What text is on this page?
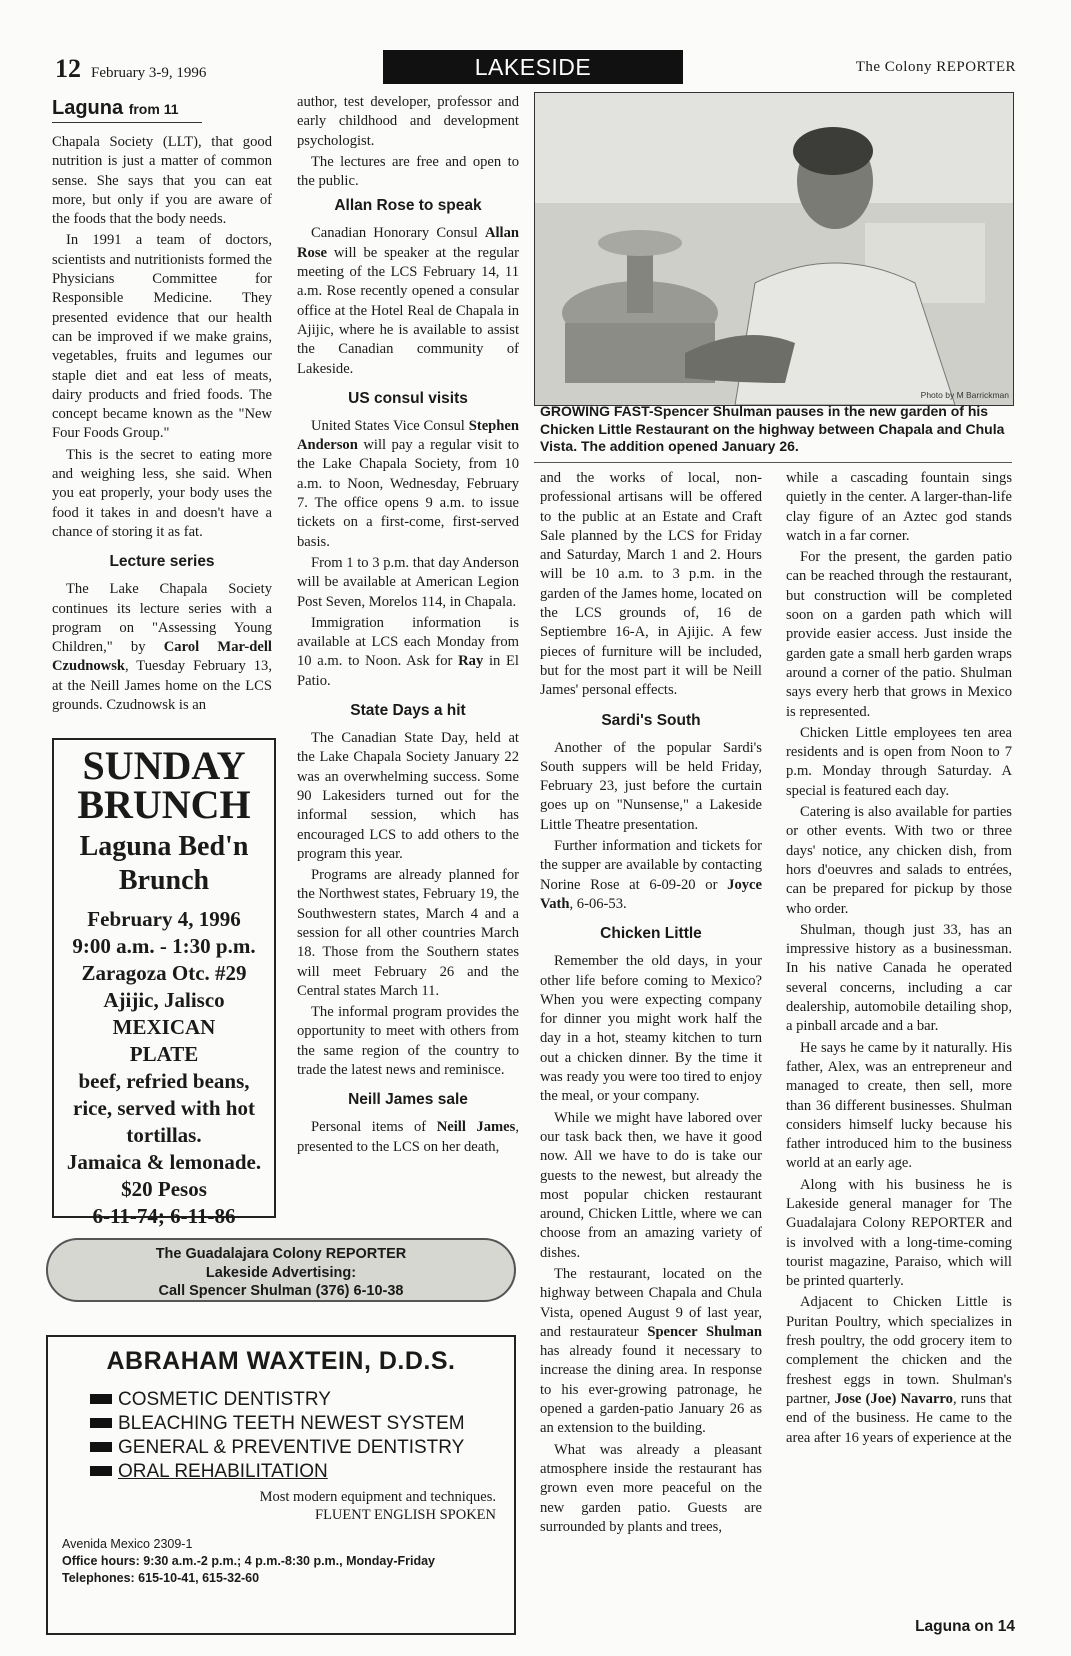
12 February 3-9, 1996	LAKESIDE	The Colony REPORTER
Laguna from 11

Chapala Society (LLT), that good nutrition is just a matter of common sense. She says that you can eat more, but only if you are aware of the foods that the body needs.

In 1991 a team of doctors, scientists and nutritionists formed the Physicians Committee for Responsible Medicine. They presented evidence that our health can be improved if we make grains, vegetables, fruits and legumes our staple diet and eat less of meats, dairy products and fried foods. The concept became known as the "New Four Foods Group."

This is the secret to eating more and weighing less, she said. When you eat properly, your body uses the food it takes in and doesn't have a chance of storing it as fat.

Lecture series

The Lake Chapala Society continues its lecture series with a program on "Assessing Young Children," by Carol Mar-dell Czudnowsk, Tuesday February 13, at the Neill James home on the LCS grounds. Czudnowsk is an

SUNDAY
BRUNCH
Laguna Bed'n
Brunch
February 4, 1996
9:00 a.m. - 1:30 p.m.
Zaragoza Otc. #29
Ajijic, Jalisco
MEXICAN
PLATE
beef, refried beans,
rice, served with hot
tortillas.
Jamaica & lemonade.
$20 Pesos
6-11-74; 6-11-86

author, test developer, professor and early childhood and development psychologist.

The lectures are free and open to the public.

Allan Rose to speak

Canadian Honorary Consul Allan Rose will be speaker at the regular meeting of the LCS February 14, 11 a.m. Rose recently opened a consular office at the Hotel Real de Chapala in Ajijic, where he is available to assist the Canadian community of Lakeside.

US consul visits

United States Vice Consul Stephen Anderson will pay a regular visit to the Lake Chapala Society, from 10 a.m. to Noon, Wednesday, February 7. The office opens 9 a.m. to issue tickets on a first-come, first-served basis.

From 1 to 3 p.m. that day Anderson will be available at American Legion Post Seven, Morelos 114, in Chapala.

Immigration information is available at LCS each Monday from 10 a.m. to Noon. Ask for Ray in El Patio.

State Days a hit

The Canadian State Day, held at the Lake Chapala Society January 22 was an overwhelming success. Some 90 Lakesiders turned out for the informal session, which has encouraged LCS to add others to the program this year.

Programs are already planned for the Northwest states, February 19, the Southwestern states, March 4 and a session for all other countries March 18. Those from the Southern states will meet February 26 and the Central states March 11.

The informal program provides the opportunity to meet with others from the same region of the country to trade the latest news and reminisce.

Neill James sale

Personal items of Neill James, presented to the LCS on her death,

Photo by M Barrickman
GROWING FAST-Spencer Shulman pauses in the new garden of his Chicken Little Restaurant on the highway between Chapala and Chula Vista. The addition opened January 26.

and the works of local, non-professional artisans will be offered to the public at an Estate and Craft Sale planned by the LCS for Friday and Saturday, March 1 and 2. Hours will be 10 a.m. to 3 p.m. in the garden of the James home, located on the LCS grounds of, 16 de Septiembre 16-A, in Ajijic. A few pieces of furniture will be included, but for the most part it will be Neill James' personal effects.

Sardi's South

Another of the popular Sardi's South suppers will be held Friday, February 23, just before the curtain goes up on "Nunsense," a Lakeside Little Theatre presentation.

Further information and tickets for the supper are available by contacting Norine Rose at 6-09-20 or Joyce Vath, 6-06-53.

Chicken Little

Remember the old days, in your other life before coming to Mexico? When you were expecting company for dinner you might work half the day in a hot, steamy kitchen to turn out a chicken dinner. By the time it was ready you were too tired to enjoy the meal, or your company.

While we might have labored over our task back then, we have it good now. All we have to do is take our guests to the newest, but already the most popular chicken restaurant around, Chicken Little, where we can choose from an amazing variety of dishes.

The restaurant, located on the highway between Chapala and Chula Vista, opened August 9 of last year, and restaurateur Spencer Shulman has already found it necessary to increase the dining area. In response to his ever-growing patronage, he opened a garden-patio January 26 as an extension to the building.

What was already a pleasant atmosphere inside the restaurant has grown even more peaceful on the new garden patio. Guests are surrounded by plants and trees,

while a cascading fountain sings quietly in the center. A larger-than-life clay figure of an Aztec god stands watch in a far corner.

For the present, the garden patio can be reached through the restaurant, but construction will be completed soon on a garden path which will provide easier access. Just inside the garden gate a small herb garden wraps around a corner of the patio. Shulman says every herb that grows in Mexico is represented.

Chicken Little employees ten area residents and is open from Noon to 7 p.m. Monday through Saturday. A special is featured each day.

Catering is also available for parties or other events. With two or three days' notice, any chicken dish, from hors d'oeuvres and salads to entrées, can be prepared for pickup by those who order.

Shulman, though just 33, has an impressive history as a businessman. In his native Canada he operated several concerns, including a car dealership, automobile detailing shop, a pinball arcade and a bar.

He says he came by it naturally. His father, Alex, was an entrepreneur and managed to create, then sell, more than 36 different businesses. Shulman considers himself lucky because his father introduced him to the business world at an early age.

Along with his business he is Lakeside general manager for The Guadalajara Colony REPORTER and is involved with a long-time-coming tourist magazine, Paraiso, which will be printed quarterly.

Adjacent to Chicken Little is Puritan Poultry, which specializes in fresh poultry, the odd grocery item to complement the chicken and the freshest eggs in town. Shulman's partner, Jose (Joe) Navarro, runs that end of the business. He came to the area after 16 years of experience at the

The Guadalajara Colony REPORTER
Lakeside Advertising:
Call Spencer Shulman (376) 6-10-38
ABRAHAM WAXTEIN, D.D.S.
COSMETIC DENTISTRY
BLEACHING TEETH NEWEST SYSTEM
GENERAL & PREVENTIVE DENTISTRY
ORAL REHABILITATION
Most modern equipment and techniques.
FLUENT ENGLISH SPOKEN
Avenida Mexico 2309-1
Office hours: 9:30 a.m.-2 p.m.; 4 p.m.-8:30 p.m., Monday-Friday
Telephones: 615-10-41, 615-32-60
Laguna on 14
